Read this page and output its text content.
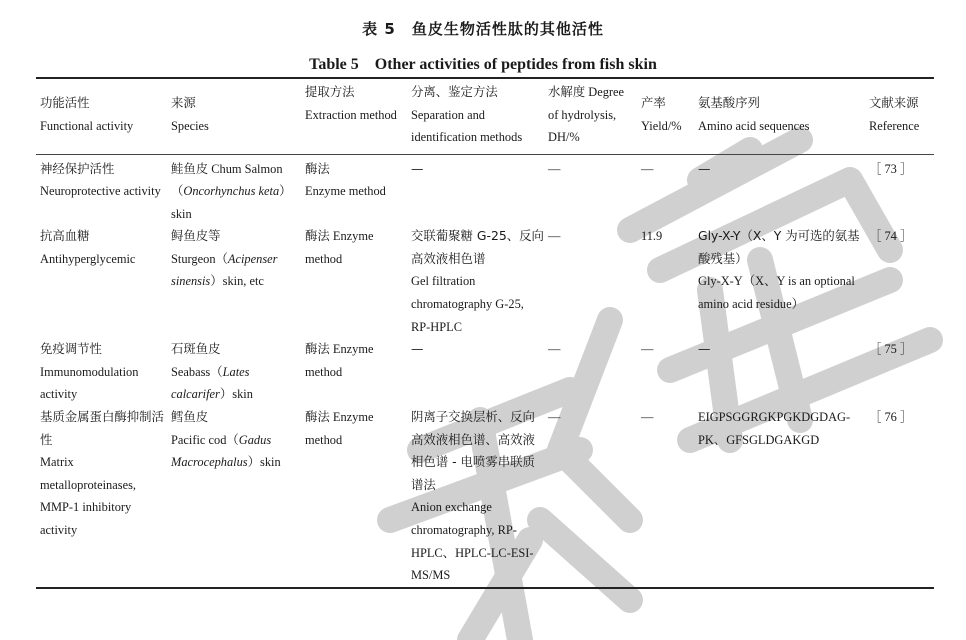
表 5　鱼皮生物活性肽的其他活性
Table 5　Other activities of peptides from fish skin
功能活性
Functional activity	来源
Species	提取方法
Extraction method	分离、鉴定方法
Separation and identification methods	水解度 Degree of hydrolysis, DH/%	产率
Yield/%	氨基酸序列
Amino acid sequences	文献来源
Reference

神经保护活性 Neuroprotective activity	鲑鱼皮 Chum Salmon（Oncorhynchus keta）skin	酶法
Enzyme method	—	—	—	—	［ 73 ］

抗高血糖
Antihyperglycemic	鲟鱼皮等
Sturgeon（Acipenser sinensis）skin, etc	酶法 Enzyme method	交联葡聚糖 G-25、反向高效液相色谱
Gel filtration chromatography G-25, RP-HPLC	—	11.9	Gly-X-Y（X、Y 为可选的氨基酸残基）
Gly-X-Y（X、Y is an optional amino acid residue）	［ 74 ］

免疫调节性
Immunomodulation activity	石斑鱼皮
Seabass（Lates calcarifer）skin	酶法 Enzyme method	—	—	—	—	［ 75 ］

基质金属蛋白酶抑制活性
Matrix metalloproteinases, MMP-1 inhibitory activity	鳕鱼皮
Pacific cod（Gadus Macrocephalus）skin	酶法 Enzyme method	阴离子交换层析、反向高效液相色谱、高效液相色谱 - 电喷雾串联质谱法
Anion exchange chromatography, RP-HPLC、HPLC-LC-ESI-MS/MS	—	—	EIGPSGGRGKPGKDGDAG-PK、GFSGLDGAKGD	［ 76 ］
